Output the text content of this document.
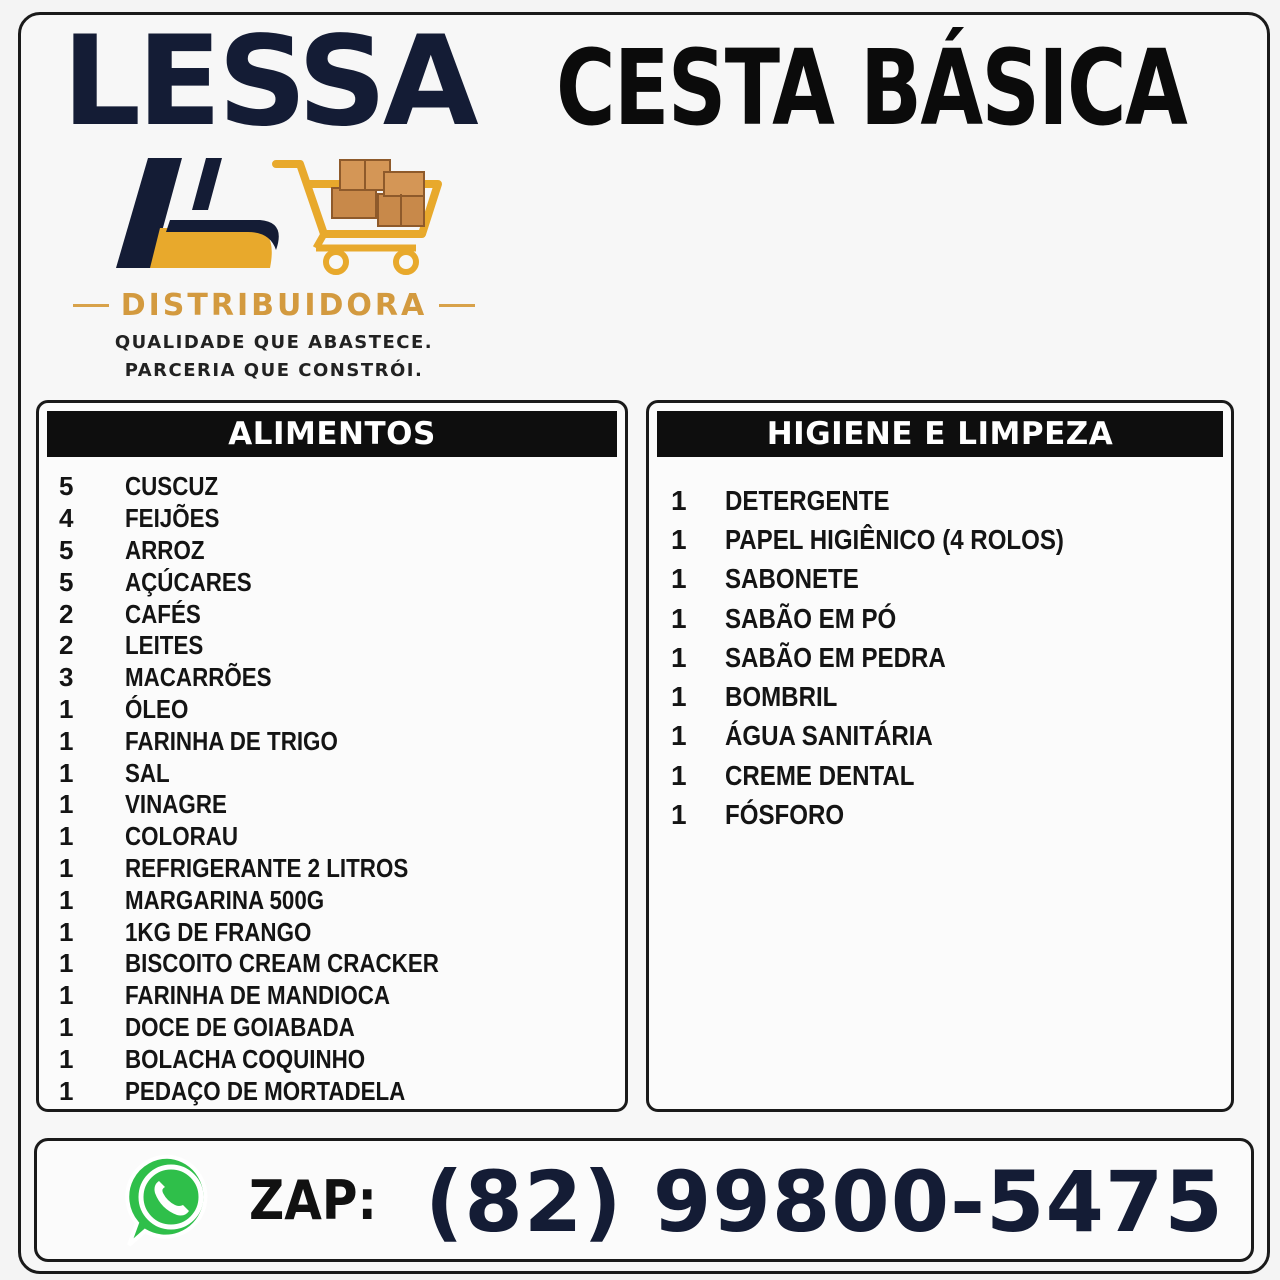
LESSA CESTA BÁSICA
DISTRIBUIDORA
QUALIDADE QUE ABASTECE.
PARCERIA QUE CONSTRÓI.
ALIMENTOS
5	CUSCUZ
4	FEIJÕES
5	ARROZ
5	AÇÚCARES
2	CAFÉS
2	LEITES
3	MACARRÕES
1	ÓLEO
1	FARINHA DE TRIGO
1	SAL
1	VINAGRE
1	COLORAU
1	REFRIGERANTE 2 LITROS
1	MARGARINA 500G
1	1KG DE FRANGO
1	BISCOITO CREAM CRACKER
1	FARINHA DE MANDIOCA
1	DOCE DE GOIABADA
1	BOLACHA COQUINHO
1	PEDAÇO DE MORTADELA
HIGIENE E LIMPEZA
1	DETERGENTE
1	PAPEL HIGIÊNICO (4 ROLOS)
1	SABONETE
1	SABÃO EM PÓ
1	SABÃO EM PEDRA
1	BOMBRIL
1	ÁGUA SANITÁRIA
1	CREME DENTAL
1	FÓSFORO
ZAP: (82) 99800-5475
